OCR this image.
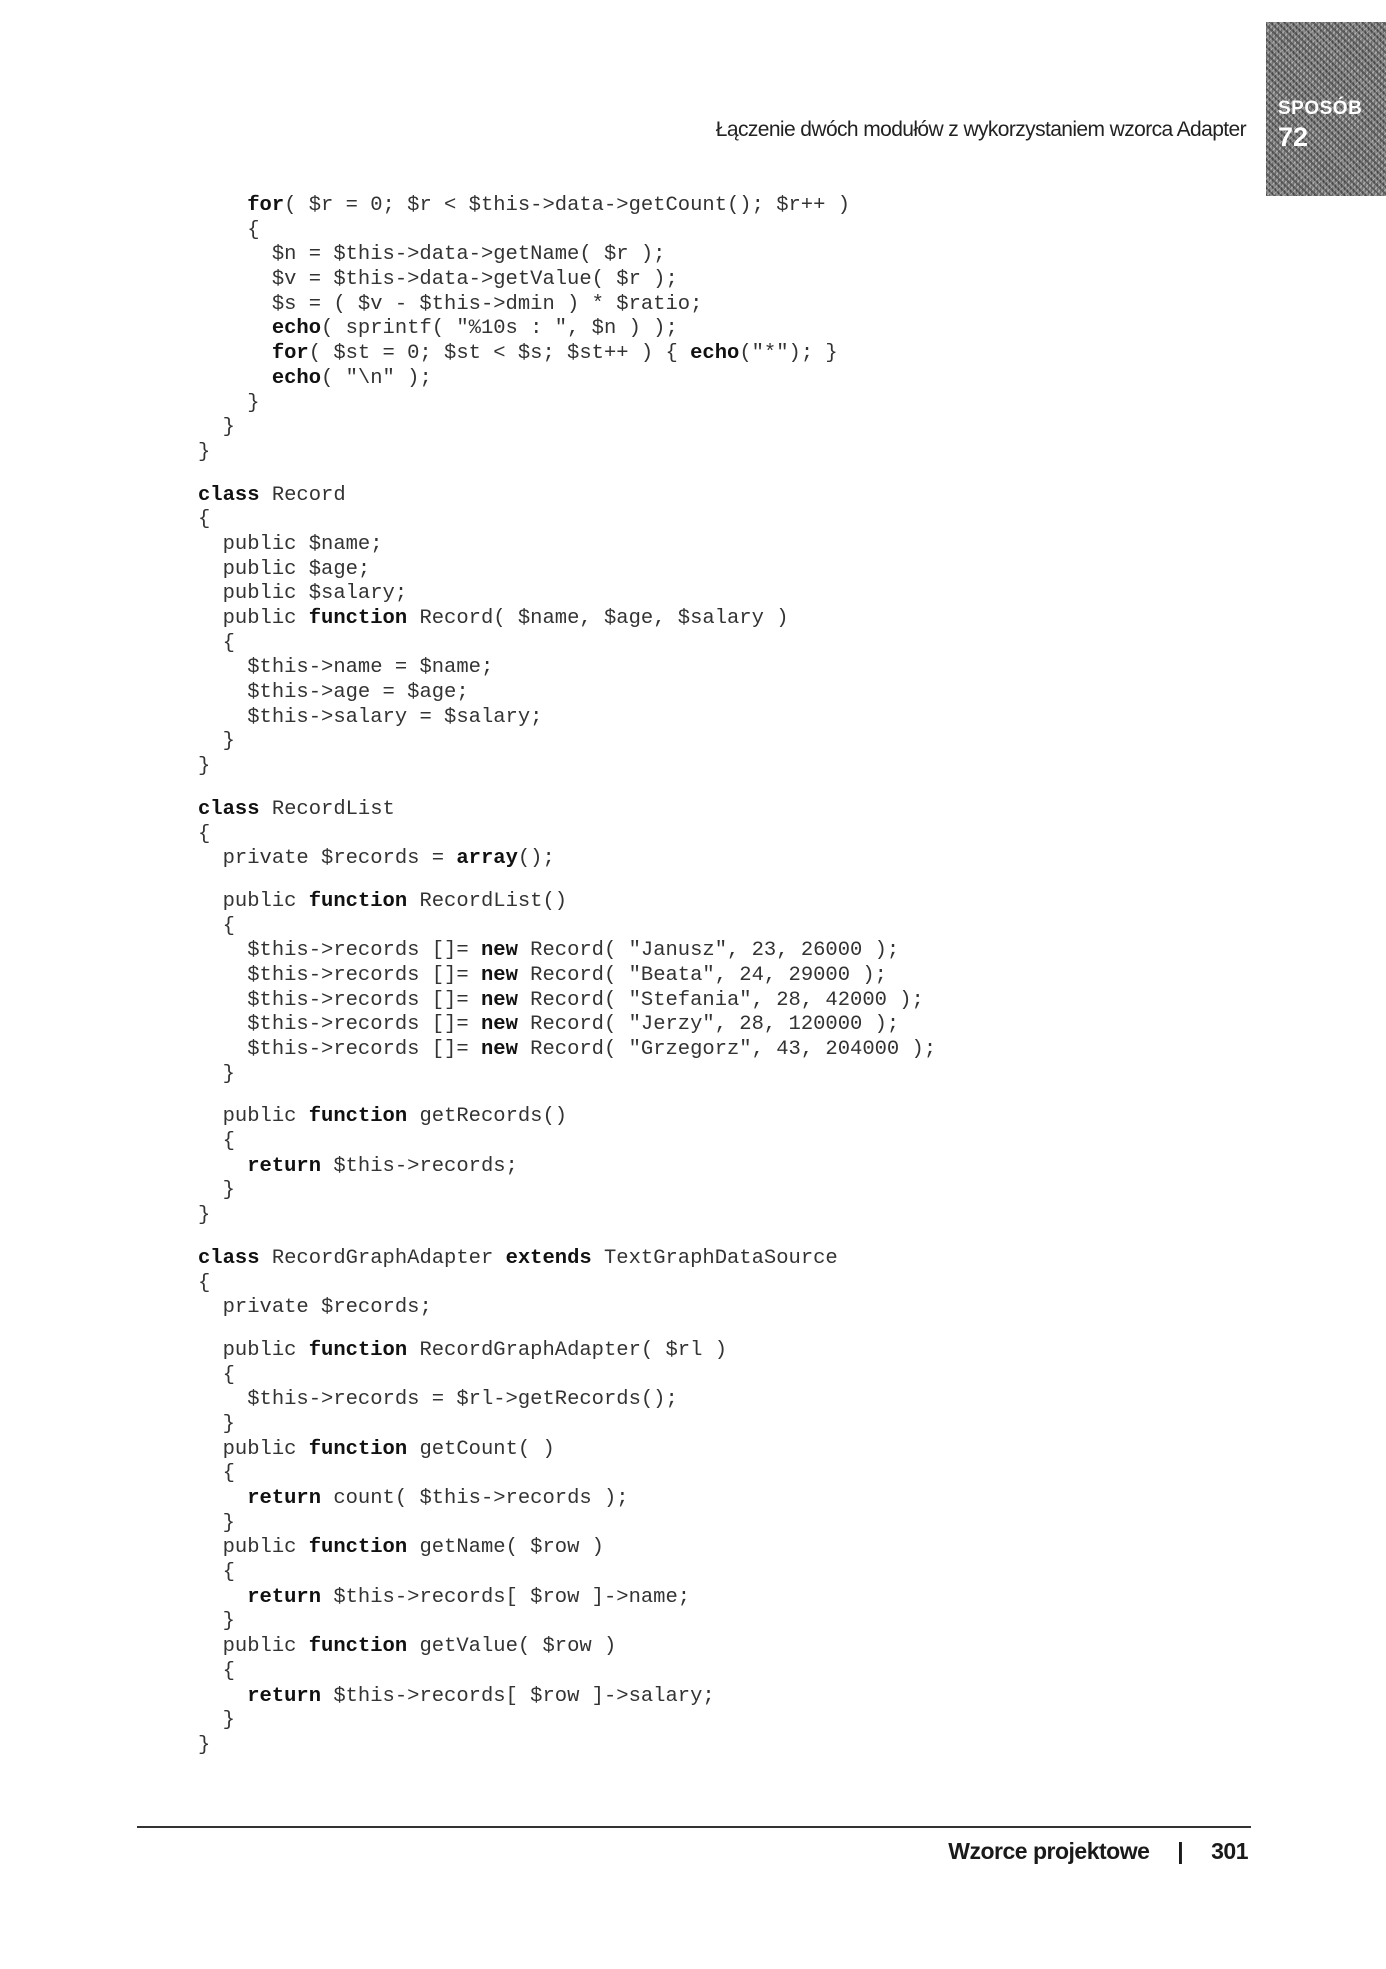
Łączenie dwóch modułów z wykorzystaniem wzorca Adapter
SPOSÓB
72
for( $r = 0; $r < $this->data->getCount(); $r++ )
{
$n = $this->data->getName( $r );
$v = $this->data->getValue( $r );
$s = ( $v - $this->dmin ) * $ratio;
echo( sprintf( "%10s : ", $n ) );
for( $st = 0; $st < $s; $st++ ) { echo("*"); }
echo( "\n" );
}
}
}
class Record
{
public $name;
public $age;
public $salary;
public function Record( $name, $age, $salary )
{
$this->name = $name;
$this->age = $age;
$this->salary = $salary;
}
}
class RecordList
{
private $records = array();
public function RecordList()
{
$this->records []= new Record( "Janusz", 23, 26000 );
$this->records []= new Record( "Beata", 24, 29000 );
$this->records []= new Record( "Stefania", 28, 42000 );
$this->records []= new Record( "Jerzy", 28, 120000 );
$this->records []= new Record( "Grzegorz", 43, 204000 );
}
public function getRecords()
{
return $this->records;
}
}
class RecordGraphAdapter extends TextGraphDataSource
{
private $records;
public function RecordGraphAdapter( $rl )
{
$this->records = $rl->getRecords();
}
public function getCount( )
{
return count( $this->records );
}
public function getName( $row )
{
return $this->records[ $row ]->name;
}
public function getValue( $row )
{
return $this->records[ $row ]->salary;
}
}
Wzorce projektowe | 301
